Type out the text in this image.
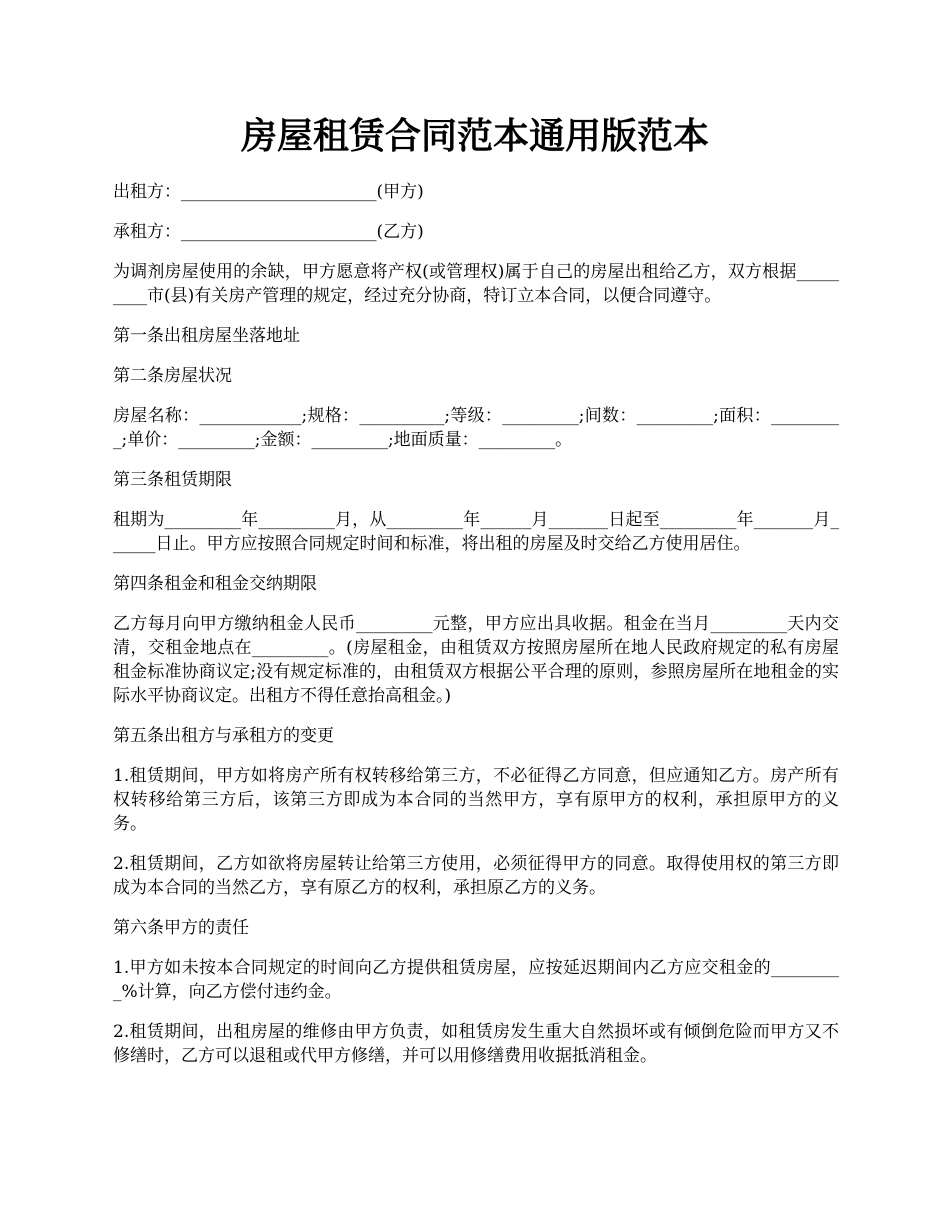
房屋租赁合同范本通用版范本

出租方：_______________________(甲方)

承租方：_______________________(乙方)

为调剂房屋使用的余缺，甲方愿意将产权(或管理权)属于自己的房屋出租给乙方，双方根据_________市(县)有关房产管理的规定，经过充分协商，特订立本合同，以便合同遵守。

第一条出租房屋坐落地址

第二条房屋状况

房屋名称：____________;规格：__________;等级：_________;间数：_________;面积：_________;单价：_________;金额：_________;地面质量：_________。

第三条租赁期限

租期为_________年_________月，从_________年______月_______日起至_________年_______月______日止。甲方应按照合同规定时间和标准，将出租的房屋及时交给乙方使用居住。

第四条租金和租金交纳期限

乙方每月向甲方缴纳租金人民币_________元整，甲方应出具收据。租金在当月_________天内交清，交租金地点在_________。(房屋租金，由租赁双方按照房屋所在地人民政府规定的私有房屋租金标准协商议定;没有规定标准的，由租赁双方根据公平合理的原则，参照房屋所在地租金的实际水平协商议定。出租方不得任意抬高租金。)

第五条出租方与承租方的变更

1.租赁期间，甲方如将房产所有权转移给第三方，不必征得乙方同意，但应通知乙方。房产所有权转移给第三方后，该第三方即成为本合同的当然甲方，享有原甲方的权利，承担原甲方的义务。

2.租赁期间，乙方如欲将房屋转让给第三方使用，必须征得甲方的同意。取得使用权的第三方即成为本合同的当然乙方，享有原乙方的权利，承担原乙方的义务。

第六条甲方的责任

1.甲方如未按本合同规定的时间向乙方提供租赁房屋，应按延迟期间内乙方应交租金的_________%计算，向乙方偿付违约金。

2.租赁期间，出租房屋的维修由甲方负责，如租赁房发生重大自然损坏或有倾倒危险而甲方又不修缮时，乙方可以退租或代甲方修缮，并可以用修缮费用收据抵消租金。
